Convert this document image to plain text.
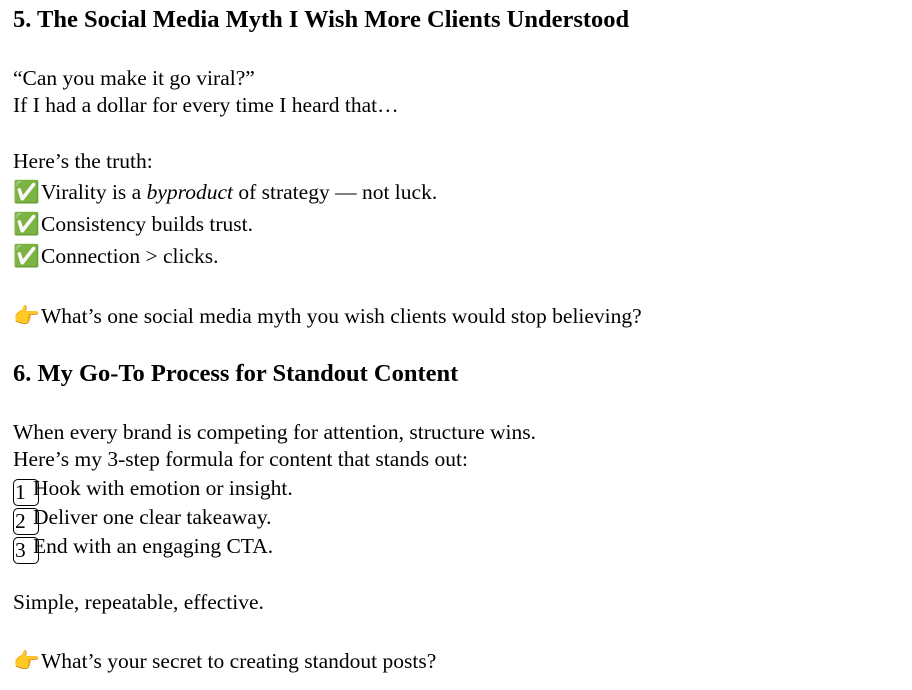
5. The Social Media Myth I Wish More Clients Understood
“Can you make it go viral?”
If I had a dollar for every time I heard that…
Here’s the truth:
✅Virality is a byproduct of strategy — not luck.
✅Consistency builds trust.
✅Connection > clicks.
👉What’s one social media myth you wish clients would stop believing?
6. My Go-To Process for Standout Content
When every brand is competing for attention, structure wins.
Here’s my 3-step formula for content that stands out:
1 Hook with emotion or insight.
2 Deliver one clear takeaway.
3 End with an engaging CTA.
Simple, repeatable, effective.
👉What’s your secret to creating standout posts?
